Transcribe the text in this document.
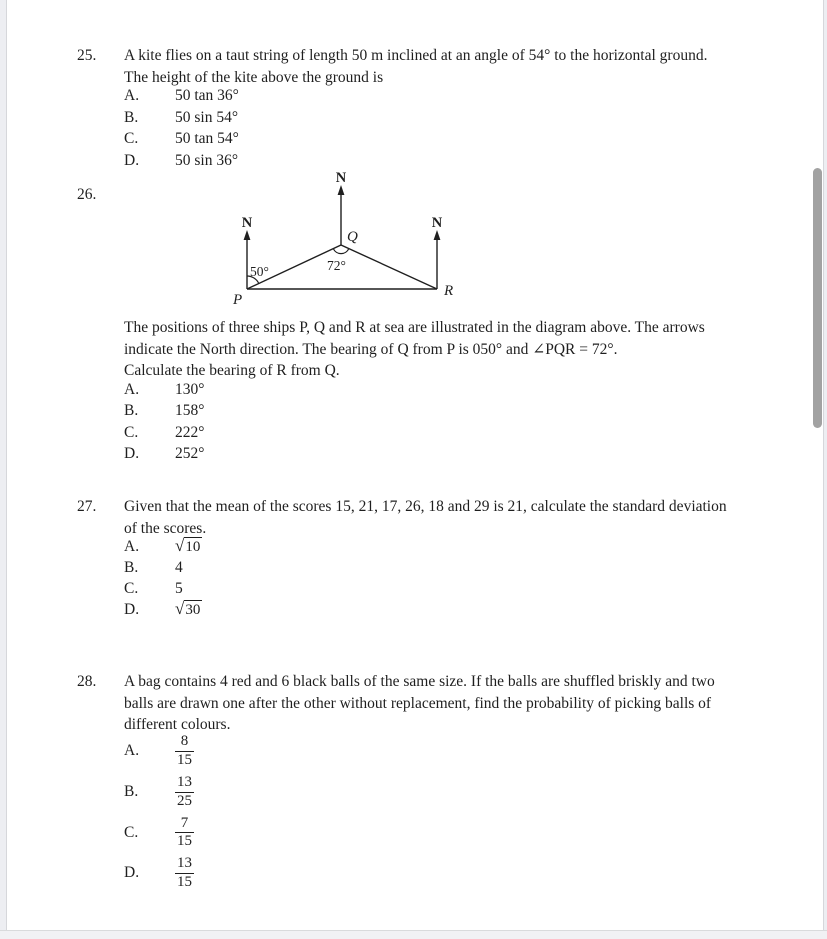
25. A kite flies on a taut string of length 50 m inclined at an angle of 54° to the horizontal ground.
The height of the kite above the ground is
A.	50 tan 36°
B.	50 sin 54°
C.	50 tan 54°
D.	50 sin 36°
26.
N
N
N
P
Q
R
50°	72°
The positions of three ships P, Q and R at sea are illustrated in the diagram above. The arrows
indicate the North direction. The bearing of Q from P is 050° and ∠PQR = 72°.
Calculate the bearing of R from Q.
A.	130°
B.	158°
C.	222°
D.	252°
27. Given that the mean of the scores 15, 21, 17, 26, 18 and 29 is 21, calculate the standard deviation
of the scores.
A.	√ 10
B.	4
C.	5
D.	√ 30
28. A bag contains 4 red and 6 black balls of the same size. If the balls are shuffled briskly and two
balls are drawn one after the other without replacement, find the probability of picking balls of
different colours.
A.	$\frac{8}{15}$
B.	$\frac{13}{25}$
C.	$\frac{7}{15}$
D.	$\frac{13}{15}$
